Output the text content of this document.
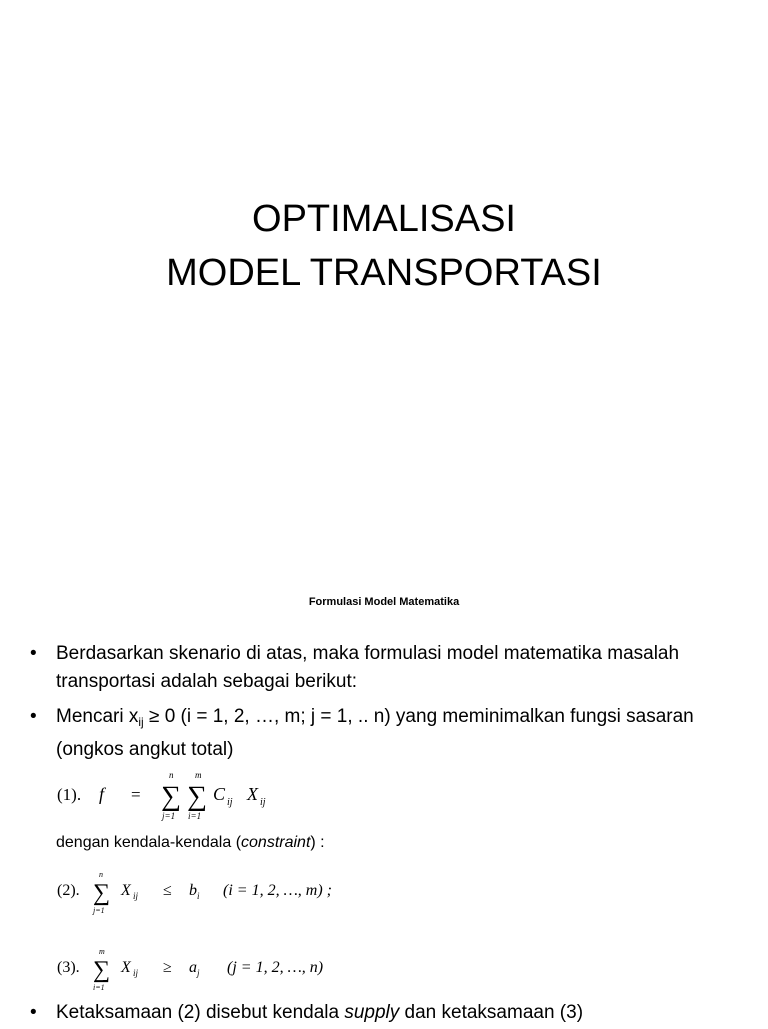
OPTIMALISASI
MODEL TRANSPORTASI
Formulasi Model Matematika
• Berdasarkan skenario di atas, maka formulasi model matematika masalah transportasi adalah sebagai berikut:
• Mencari $x_{ij} \ge 0$ (i = 1, 2, …, m; j = 1, .. n) yang meminimalkan fungsi sasaran (ongkos angkut total)
(1). f =
n
∑
j=1
m
∑
i=1
C ij X ij
dengan kendala-kendala (constraint) :
(2).
n
∑
j=1
X ij ≤ b i (i = 1, 2, …, m) ;
(3).
m
∑
i=1
X ij ≥ a j (j = 1, 2, …, n)
• Ketaksamaan (2) disebut kendala supply dan ketaksamaan (3)
